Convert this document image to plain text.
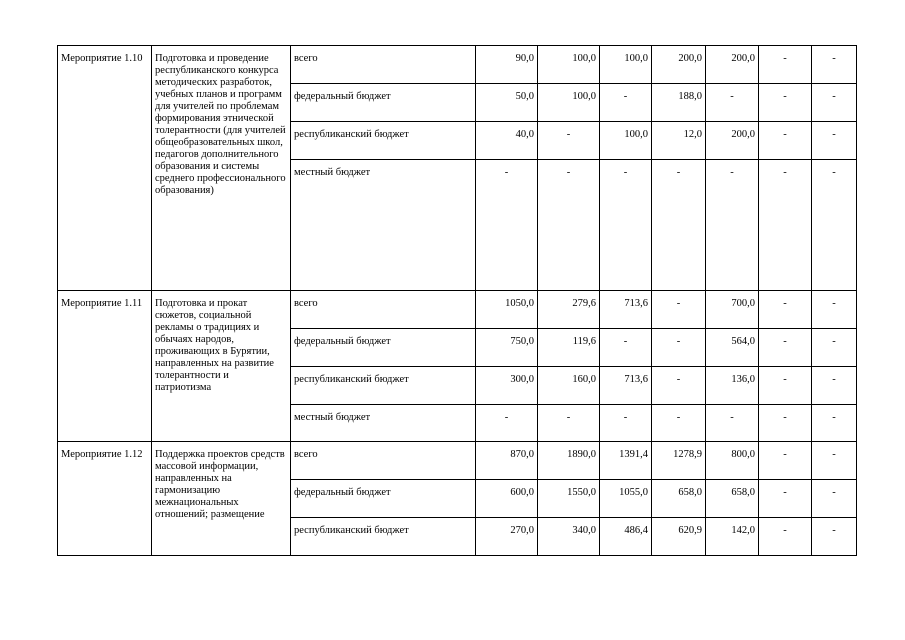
Мероприятие 1.10	Подготовка и проведение республиканского конкурса методических разработок, учебных планов и программ для учителей по проблемам формирования этнической толерантности (для учителей общеобразовательных школ, педагогов дополнительного образования и системы среднего профессионального образования)	всего	90,0	100,0	100,0	200,0	200,0	-	-
		федеральный бюджет	50,0	100,0	-	188,0	-	-	-
		республиканский бюджет	40,0	-	100,0	12,0	200,0	-	-
		местный бюджет	-	-	-	-	-	-	-
Мероприятие 1.11	Подготовка и прокат сюжетов, социальной рекламы о традициях и обычаях народов, проживающих в Бурятии, направленных на развитие толерантности и патриотизма	всего	1050,0	279,6	713,6	-	700,0	-	-
		федеральный бюджет	750,0	119,6	-	-	564,0	-	-
		республиканский бюджет	300,0	160,0	713,6	-	136,0	-	-
		местный бюджет	-	-	-	-	-	-	-
Мероприятие 1.12	Поддержка проектов средств массовой информации, направленных на гармонизацию межнациональных отношений; размещение	всего	870,0	1890,0	1391,4	1278,9	800,0	-	-
		федеральный бюджет	600,0	1550,0	1055,0	658,0	658,0	-	-
		республиканский бюджет	270,0	340,0	486,4	620,9	142,0	-	-
